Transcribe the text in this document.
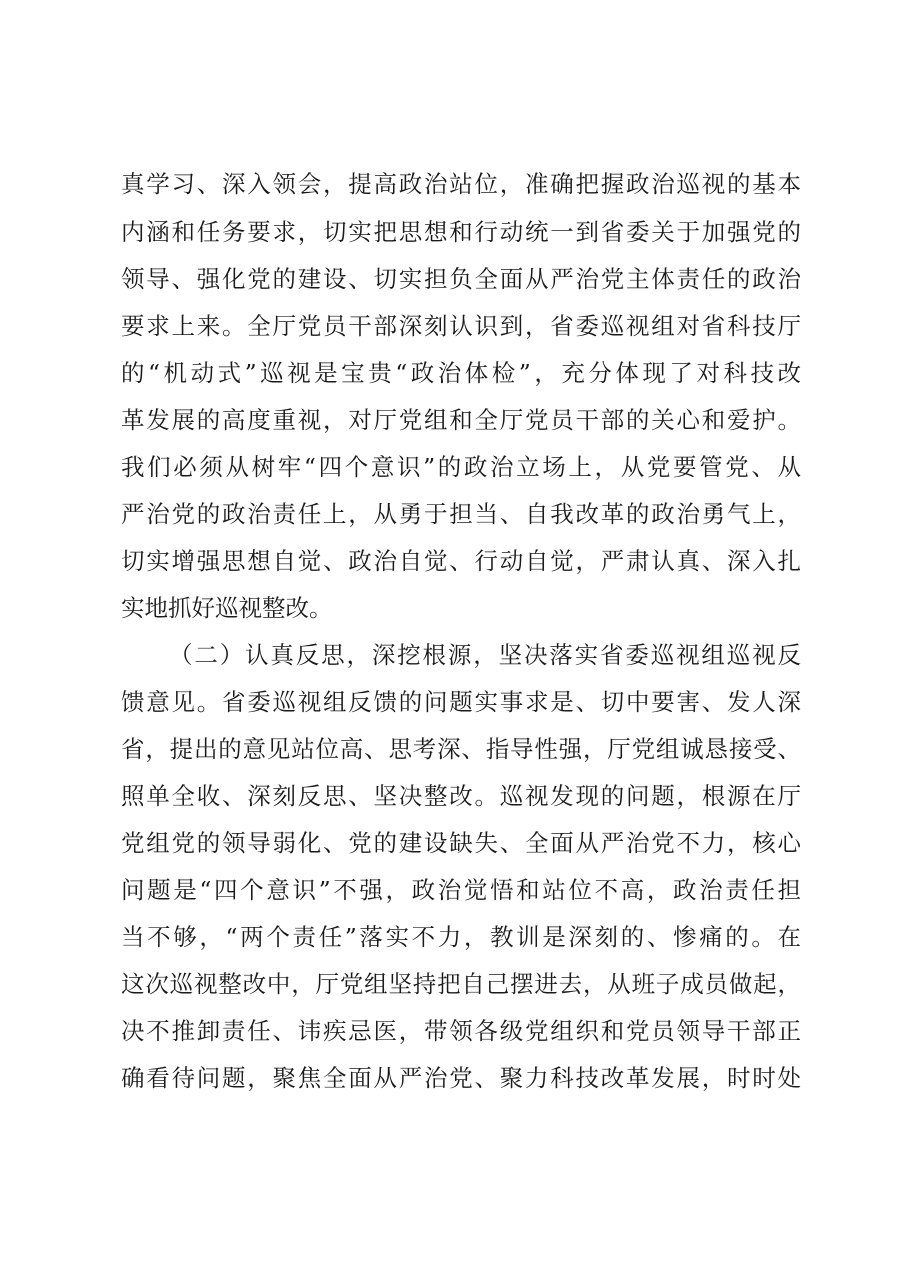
真学习、深入领会，提高政治站位，准确把握政治巡视的基本
内涵和任务要求，切实把思想和行动统一到省委关于加强党的
领导、强化党的建设、切实担负全面从严治党主体责任的政治
要求上来。全厅党员干部深刻认识到，省委巡视组对省科技厅
的“机动式”巡视是宝贵“政治体检”，充分体现了对科技改
革发展的高度重视，对厅党组和全厅党员干部的关心和爱护。
我们必须从树牢“四个意识”的政治立场上，从党要管党、从
严治党的政治责任上，从勇于担当、自我改革的政治勇气上，
切实增强思想自觉、政治自觉、行动自觉，严肃认真、深入扎
实地抓好巡视整改。
（二）认真反思，深挖根源，坚决落实省委巡视组巡视反
馈意见。省委巡视组反馈的问题实事求是、切中要害、发人深
省，提出的意见站位高、思考深、指导性强，厅党组诚恳接受、
照单全收、深刻反思、坚决整改。巡视发现的问题，根源在厅
党组党的领导弱化、党的建设缺失、全面从严治党不力，核心
问题是“四个意识”不强，政治觉悟和站位不高，政治责任担
当不够，“两个责任”落实不力，教训是深刻的、惨痛的。在
这次巡视整改中，厅党组坚持把自己摆进去，从班子成员做起，
决不推卸责任、讳疾忌医，带领各级党组织和党员领导干部正
确看待问题，聚焦全面从严治党、聚力科技改革发展，时时处
